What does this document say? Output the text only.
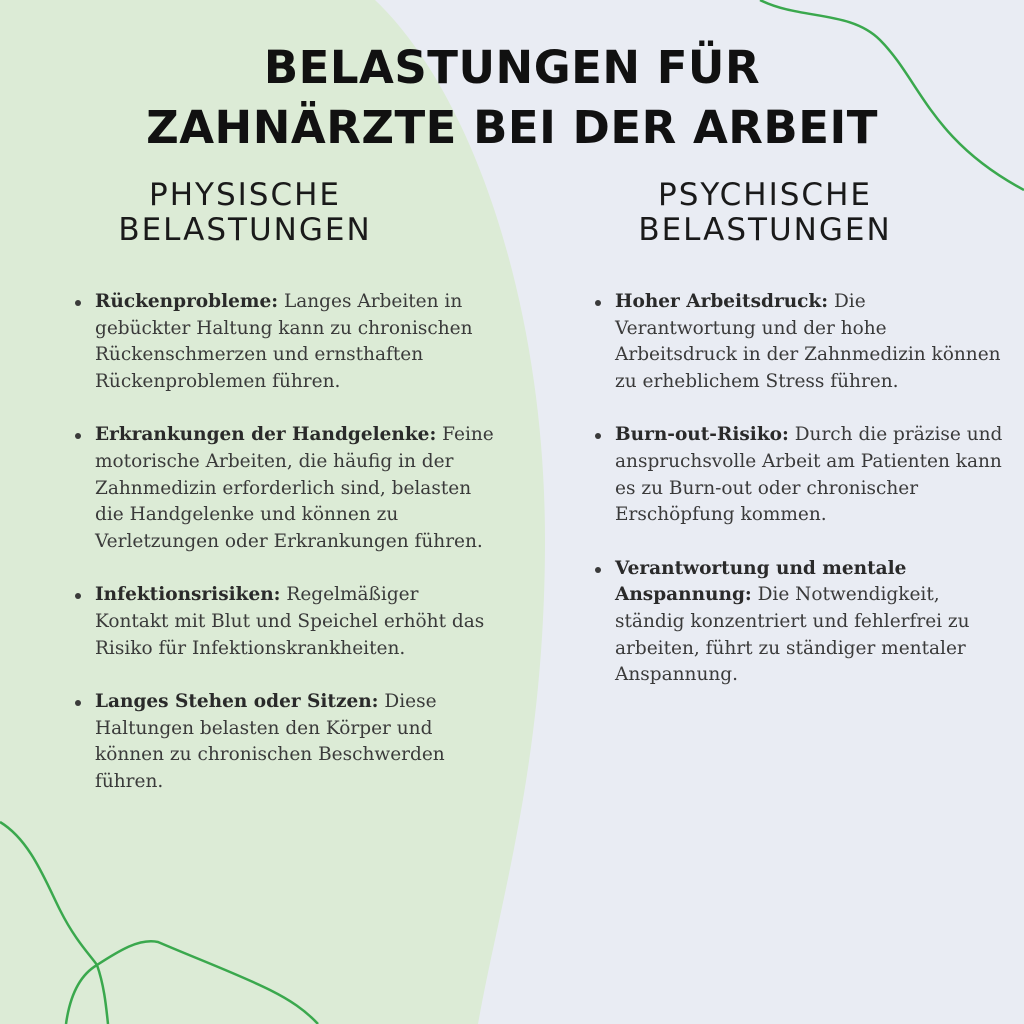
BELASTUNGEN FÜR
ZAHNÄRZTE BEI DER ARBEIT
PHYSISCHE
BELASTUNGEN
PSYCHISCHE
BELASTUNGEN
Rückenprobleme: Langes Arbeiten in gebückter Haltung kann zu chronischen Rückenschmerzen und ernsthaften Rückenproblemen führen.
Erkrankungen der Handgelenke: Feine motorische Arbeiten, die häufig in der Zahnmedizin erforderlich sind, belasten die Handgelenke und können zu Verletzungen oder Erkrankungen führen.
Infektionsrisiken: Regelmäßiger Kontakt mit Blut und Speichel erhöht das Risiko für Infektionskrankheiten.
Langes Stehen oder Sitzen: Diese Haltungen belasten den Körper und können zu chronischen Beschwerden führen.
Hoher Arbeitsdruck: Die Verantwortung und der hohe Arbeitsdruck in der Zahnmedizin können zu erheblichem Stress führen.
Burn-out-Risiko: Durch die präzise und anspruchsvolle Arbeit am Patienten kann es zu Burn-out oder chronischer Erschöpfung kommen.
Verantwortung und mentale Anspannung: Die Notwendigkeit, ständig konzentriert und fehlerfrei zu arbeiten, führt zu ständiger mentaler Anspannung.
